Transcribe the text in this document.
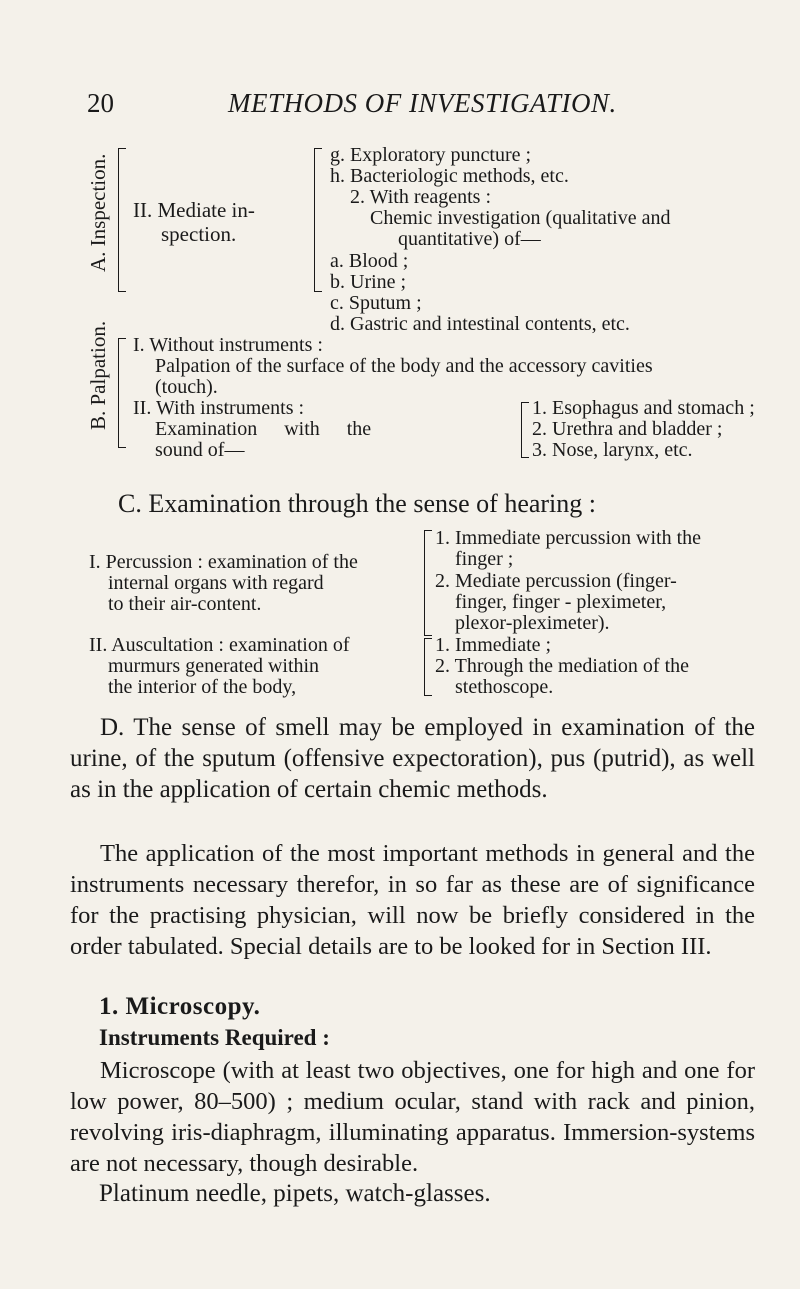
20	METHODS OF INVESTIGATION.
A. Inspection. II. Mediate in-
spection.
g. Exploratory puncture ;
h. Bacteriologic methods, etc.
2. With reagents :
Chemic investigation (qualitative and
quantitative) of—
a. Blood ;
b. Urine ;
c. Sputum ;
d. Gastric and intestinal contents, etc.
B. Palpation. I. Without instruments :
Palpation of the surface of the body and the accessory cavities
(touch).
II. With instruments :
Examination with the
sound of—
1. Esophagus and stomach ;
2. Urethra and bladder ;
3. Nose, larynx, etc.
C. Examination through the sense of hearing :
I. Percussion : examination of the
internal organs with regard
to their air-content.
1. Immediate percussion with the
finger ;
2. Mediate percussion (finger-
finger, finger - pleximeter,
plexor-pleximeter).
II. Auscultation : examination of
murmurs generated within
the interior of the body,
1. Immediate ;
2. Through the mediation of the
stethoscope.
D. The sense of smell may be employed in examination of the urine, of the sputum (offensive expectoration), pus (putrid), as well as in the application of certain chemic methods.
The application of the most important methods in general and the instruments necessary therefor, in so far as these are of significance for the practising physician, will now be briefly considered in the order tabulated. Special details are to be looked for in Section III.
1. Microscopy.
Instruments Required :
Microscope (with at least two objectives, one for high and one for low power, 80–500) ; medium ocular, stand with rack and pinion, revolving iris-diaphragm, illuminating apparatus. Immersion-systems are not necessary, though desirable.
Platinum needle, pipets, watch-glasses.
